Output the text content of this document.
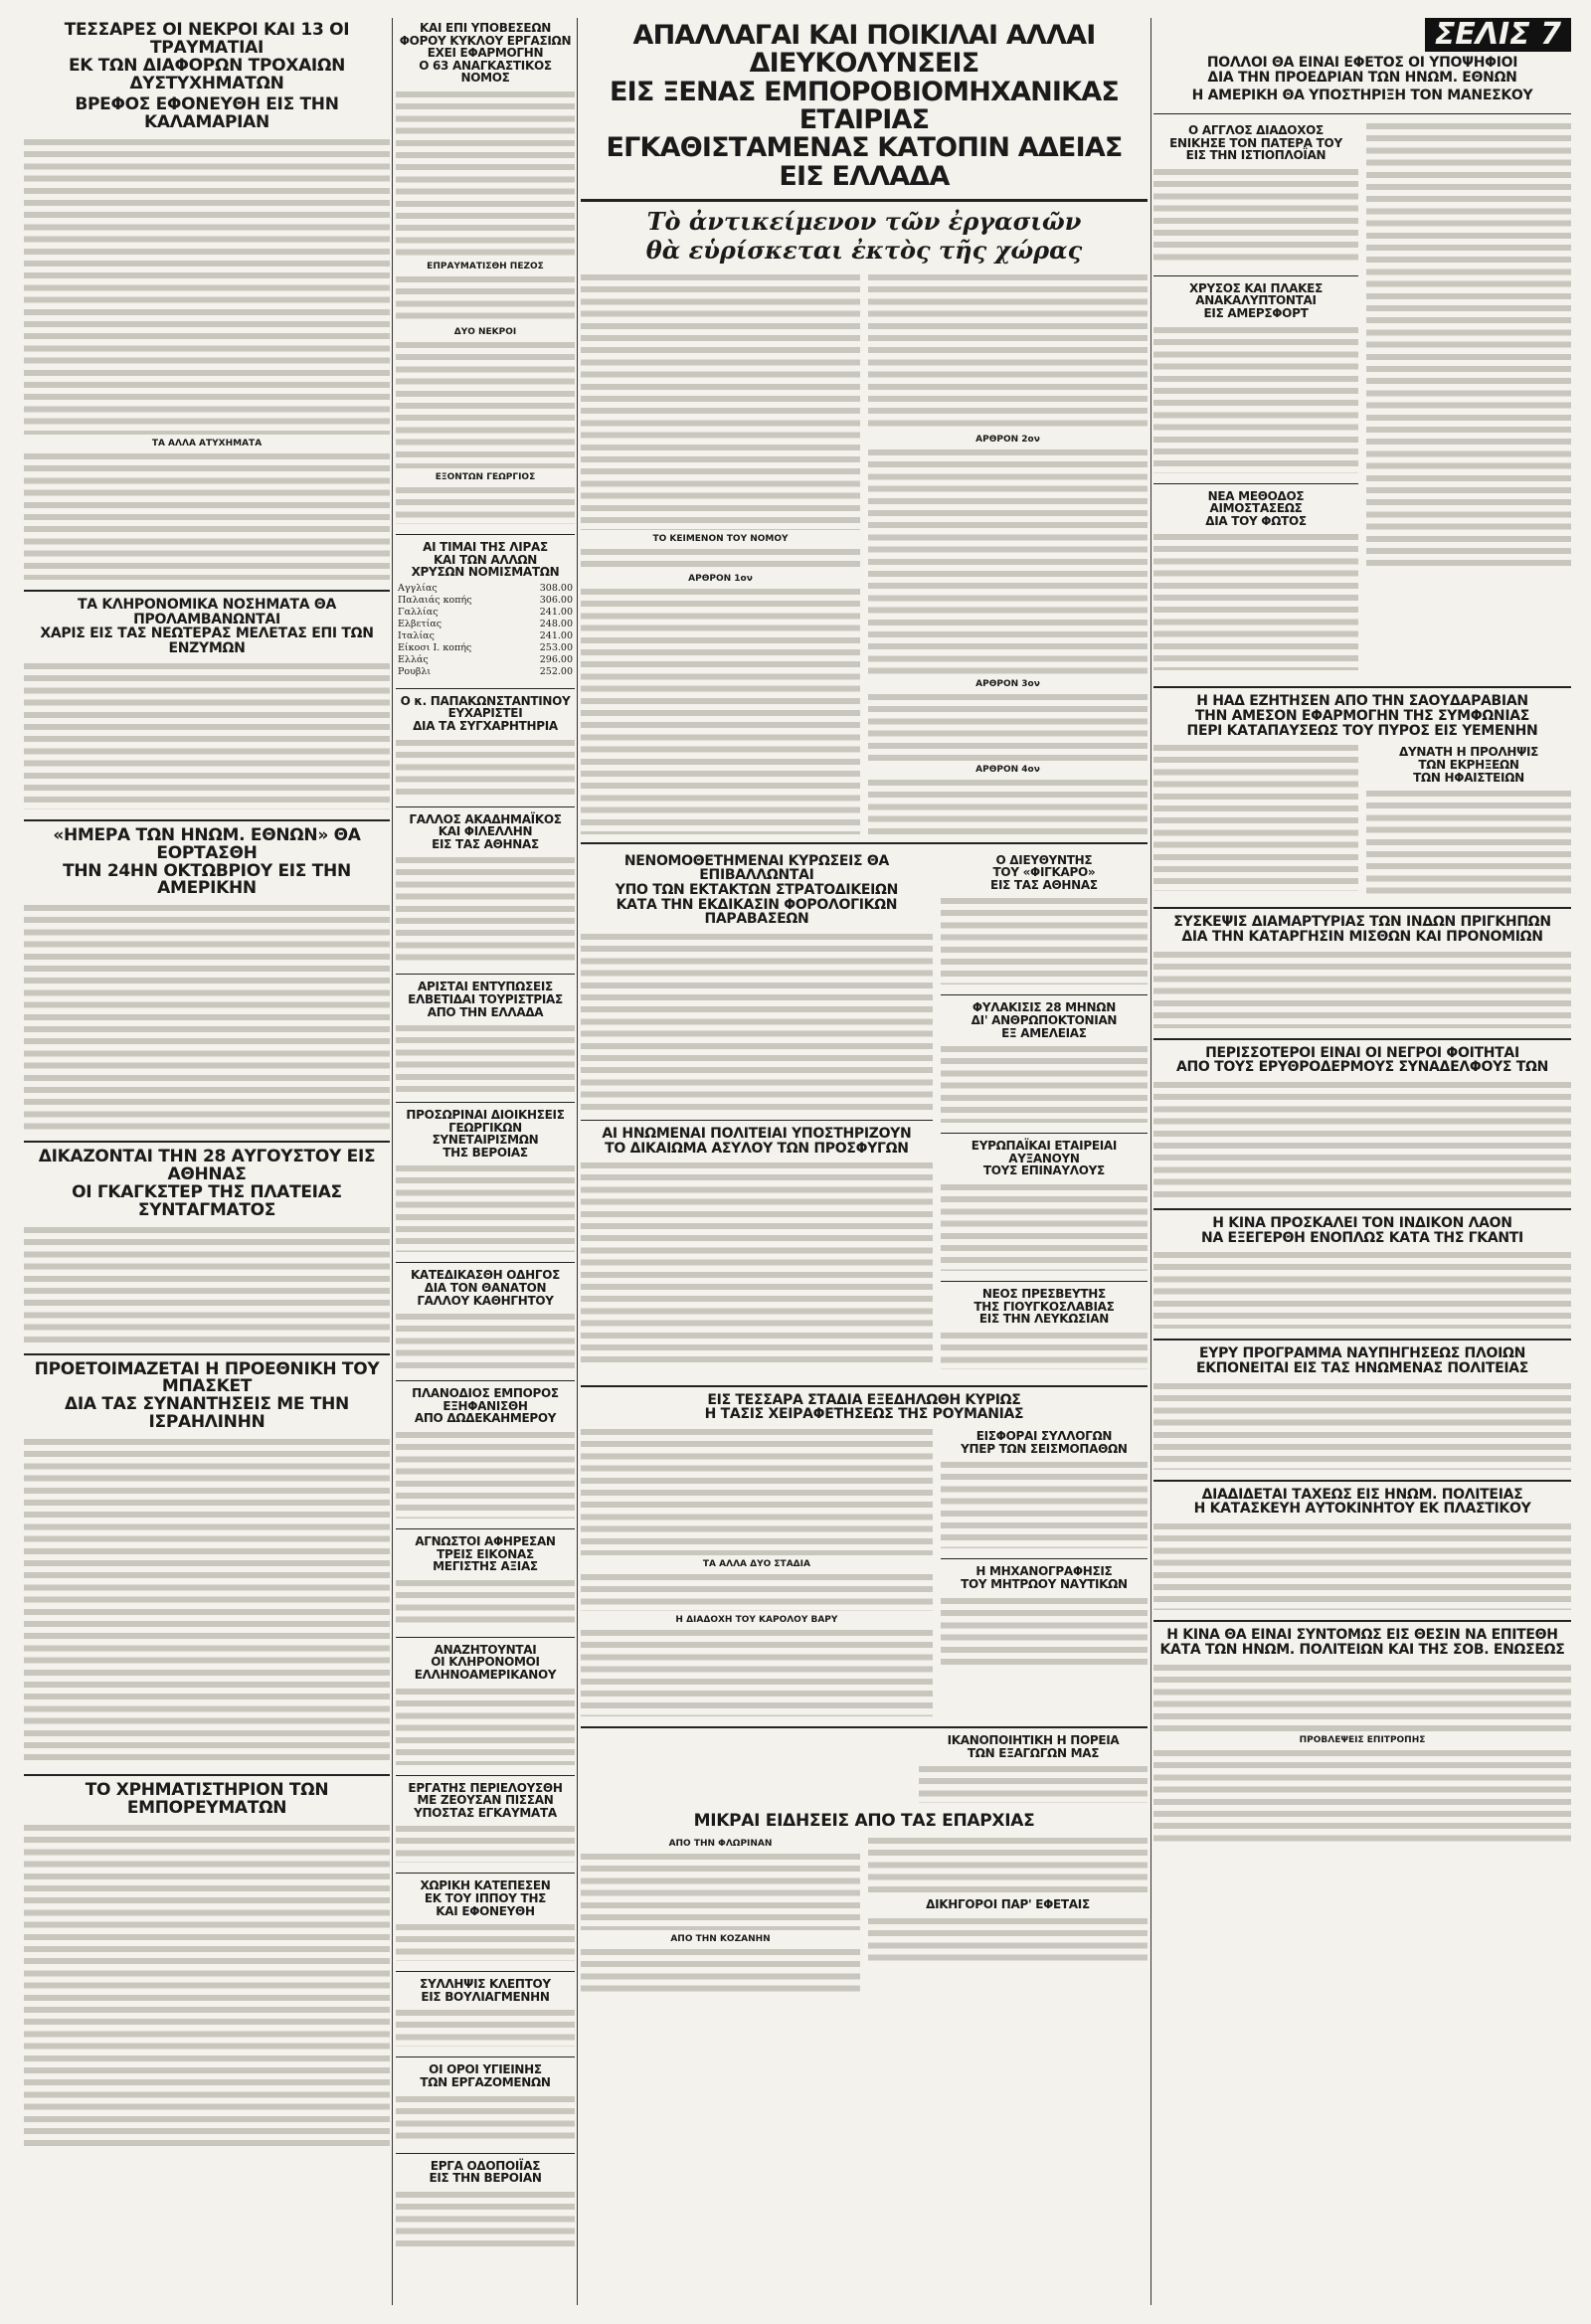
ΤΕΣΣΑΡΕΣ ΟΙ ΝΕΚΡΟΙ ΚΑΙ 13 ΟΙ ΤΡΑΥΜΑΤΙΑΙ
ΕΚ ΤΩΝ ΔΙΑΦΟΡΩΝ ΤΡΟΧΑΙΩΝ ΔΥΣΤΥΧΗΜΑΤΩΝ
ΒΡΕΦΟΣ ΕΦΟΝΕΥΘΗ ΕΙΣ ΤΗΝ ΚΑΛΑΜΑΡΙΑΝ
ΤΑ ΑΛΛΑ ΑΤΥΧΗΜΑΤΑ
ΤΑ ΚΛΗΡΟΝΟΜΙΚΑ ΝΟΣΗΜΑΤΑ ΘΑ ΠΡΟΛΑΜΒΑΝΩΝΤΑΙ
ΧΑΡΙΣ ΕΙΣ ΤΑΣ ΝΕΩΤΕΡΑΣ ΜΕΛΕΤΑΣ ΕΠΙ ΤΩΝ ΕΝΖΥΜΩΝ
«ΗΜΕΡΑ ΤΩΝ ΗΝΩΜ. ΕΘΝΩΝ» ΘΑ ΕΟΡΤΑΣΘΗ
ΤΗΝ 24ΗΝ ΟΚΤΩΒΡΙΟΥ ΕΙΣ ΤΗΝ ΑΜΕΡΙΚΗΝ
ΔΙΚΑΖΟΝΤΑΙ ΤΗΝ 28 ΑΥΓΟΥΣΤΟΥ ΕΙΣ ΑΘΗΝΑΣ
ΟΙ ΓΚΑΓΚΣΤΕΡ ΤΗΣ ΠΛΑΤΕΙΑΣ ΣΥΝΤΑΓΜΑΤΟΣ
ΠΡΟΕΤΟΙΜΑΖΕΤΑΙ Η ΠΡΟΕΘΝΙΚΗ ΤΟΥ ΜΠΑΣΚΕΤ
ΔΙΑ ΤΑΣ ΣΥΝΑΝΤΗΣΕΙΣ ΜΕ ΤΗΝ ΙΣΡΑΗΛΙΝΗΝ
ΤΟ ΧΡΗΜΑΤΙΣΤΗΡΙΟΝ ΤΩΝ ΕΜΠΟΡΕΥΜΑΤΩΝ
ΚΑΙ ΕΠΙ ΥΠΟΒΕΣΕΩΝ
ΦΟΡΟΥ ΚΥΚΛΟΥ ΕΡΓΑΣΙΩΝ
ΕΧΕΙ ΕΦΑΡΜΟΓΗΝ
Ο 63 ΑΝΑΓΚΑΣΤΙΚΟΣ ΝΟΜΟΣ
ΕΠΡΑΥΜΑΤΙΣΘΗ ΠΕΖΟΣ
ΔΥΟ ΝΕΚΡΟΙ
ΕΞΟΝΤΩΝ ΓΕΩΡΓΙΟΣ
ΑΙ ΤΙΜΑΙ ΤΗΣ ΛΙΡΑΣ
ΚΑΙ ΤΩΝ ΑΛΛΩΝ
ΧΡΥΣΩΝ ΝΟΜΙΣΜΑΤΩΝ
Αγγλίας	308.00
Παλαιάς κοπής	306.00
Γαλλίας	241.00
Ελβετίας	248.00
Ιταλίας	241.00
Είκοσι Ι. κοπής	253.00
Ελλάς	296.00
Ρουβλι	252.00
Ο κ. ΠΑΠΑΚΩΝΣΤΑΝΤΙΝΟΥ
ΕΥΧΑΡΙΣΤΕΙ
ΔΙΑ ΤΑ ΣΥΓΧΑΡΗΤΗΡΙΑ
ΓΑΛΛΟΣ ΑΚΑΔΗΜΑΪΚΟΣ
ΚΑΙ ΦΙΛΕΛΛΗΝ
ΕΙΣ ΤΑΣ ΑΘΗΝΑΣ
ΑΡΙΣΤΑΙ ΕΝΤΥΠΩΣΕΙΣ
ΕΛΒΕΤΙΔΑΙ ΤΟΥΡΙΣΤΡΙΑΣ
ΑΠΟ ΤΗΝ ΕΛΛΑΔΑ
ΠΡΟΣΩΡΙΝΑΙ ΔΙΟΙΚΗΣΕΙΣ
ΓΕΩΡΓΙΚΩΝ ΣΥΝΕΤΑΙΡΙΣΜΩΝ
ΤΗΣ ΒΕΡΟΙΑΣ
ΚΑΤΕΔΙΚΑΣΘΗ ΟΔΗΓΟΣ
ΔΙΑ ΤΟΝ ΘΑΝΑΤΟΝ
ΓΑΛΛΟΥ ΚΑΘΗΓΗΤΟΥ
ΠΛΑΝΟΔΙΟΣ ΕΜΠΟΡΟΣ
ΕΞΗΦΑΝΙΣΘΗ
ΑΠΟ ΔΩΔΕΚΑΗΜΕΡΟΥ
ΑΓΝΩΣΤΟΙ ΑΦΗΡΕΣΑΝ
ΤΡΕΙΣ ΕΙΚΟΝΑΣ
ΜΕΓΙΣΤΗΣ ΑΞΙΑΣ
ΑΝΑΖΗΤΟΥΝΤΑΙ
ΟΙ ΚΛΗΡΟΝΟΜΟΙ
ΕΛΛΗΝΟΑΜΕΡΙΚΑΝΟΥ
ΕΡΓΑΤΗΣ ΠΕΡΙΕΛΟΥΣΘΗ
ΜΕ ΖΕΟΥΣΑΝ ΠΙΣΣΑΝ
ΥΠΟΣΤΑΣ ΕΓΚΑΥΜΑΤΑ
ΧΩΡΙΚΗ ΚΑΤΕΠΕΣΕΝ
ΕΚ ΤΟΥ ΙΠΠΟΥ ΤΗΣ
ΚΑΙ ΕΦΟΝΕΥΘΗ
ΣΥΛΛΗΨΙΣ ΚΛΕΠΤΟΥ
ΕΙΣ ΒΟΥΛΙΑΓΜΕΝΗΝ
ΟΙ ΟΡΟΙ ΥΓΙΕΙΝΗΣ
ΤΩΝ ΕΡΓΑΖΟΜΕΝΩΝ
ΕΡΓΑ ΟΔΟΠΟΙΪΑΣ
ΕΙΣ ΤΗΝ ΒΕΡΟΙΑΝ
ΑΠΑΛΛΑΓΑΙ ΚΑΙ ΠΟΙΚΙΛΑΙ ΑΛΛΑΙ ΔΙΕΥΚΟΛΥΝΣΕΙΣ
ΕΙΣ ΞΕΝΑΣ ΕΜΠΟΡΟΒΙΟΜΗΧΑΝΙΚΑΣ ΕΤΑΙΡΙΑΣ
ΕΓΚΑΘΙΣΤΑΜΕΝΑΣ ΚΑΤΟΠΙΝ ΑΔΕΙΑΣ ΕΙΣ ΕΛΛΑΔΑ
Τὸ ἀντικείμενον τῶν ἐργασιῶν
θὰ εὑρίσκεται ἐκτὸς τῆς χώρας
ΤΟ ΚΕΙΜΕΝΟΝ ΤΟΥ ΝΟΜΟΥ
ΑΡΘΡΟΝ 1ον
ΑΡΘΡΟΝ 2ον
ΑΡΘΡΟΝ 3ον
ΑΡΘΡΟΝ 4ον
ΝΕΝΟΜΟΘΕΤΗΜΕΝΑΙ ΚΥΡΩΣΕΙΣ ΘΑ ΕΠΙΒΑΛΛΩΝΤΑΙ
ΥΠΟ ΤΩΝ ΕΚΤΑΚΤΩΝ ΣΤΡΑΤΟΔΙΚΕΙΩΝ
ΚΑΤΑ ΤΗΝ ΕΚΔΙΚΑΣΙΝ ΦΟΡΟΛΟΓΙΚΩΝ ΠΑΡΑΒΑΣΕΩΝ
ΑΙ ΗΝΩΜΕΝΑΙ ΠΟΛΙΤΕΙΑΙ ΥΠΟΣΤΗΡΙΖΟΥΝ
ΤΟ ΔΙΚΑΙΩΜΑ ΑΣΥΛΟΥ ΤΩΝ ΠΡΟΣΦΥΓΩΝ
Ο ΔΙΕΥΘΥΝΤΗΣ
ΤΟΥ «ΦΙΓΚΑΡΟ»
ΕΙΣ ΤΑΣ ΑΘΗΝΑΣ
ΦΥΛΑΚΙΣΙΣ 28 ΜΗΝΩΝ
ΔΙ' ΑΝΘΡΩΠΟΚΤΟΝΙΑΝ
ΕΞ ΑΜΕΛΕΙΑΣ
ΕΥΡΩΠΑΪΚΑΙ ΕΤΑΙΡΕΙΑΙ
ΑΥΞΑΝΟΥΝ
ΤΟΥΣ ΕΠΙΝΑΥΛΟΥΣ
ΝΕΟΣ ΠΡΕΣΒΕΥΤΗΣ
ΤΗΣ ΓΙΟΥΓΚΟΣΛΑΒΙΑΣ
ΕΙΣ ΤΗΝ ΛΕΥΚΩΣΙΑΝ
ΕΙΣ ΤΕΣΣΑΡΑ ΣΤΑΔΙΑ ΕΞΕΔΗΛΩΘΗ ΚΥΡΙΩΣ
Η ΤΑΣΙΣ ΧΕΙΡΑΦΕΤΗΣΕΩΣ ΤΗΣ ΡΟΥΜΑΝΙΑΣ
ΤΑ ΑΛΛΑ ΔΥΟ ΣΤΑΔΙΑ
Η ΔΙΑΔΟΧΗ ΤΟΥ ΚΑΡΟΛΟΥ ΒΑΡΥ
ΕΙΣΦΟΡΑΙ ΣΥΛΛΟΓΩΝ
ΥΠΕΡ ΤΩΝ ΣΕΙΣΜΟΠΑΘΩΝ
Η ΜΗΧΑΝΟΓΡΑΦΗΣΙΣ
ΤΟΥ ΜΗΤΡΩΟΥ ΝΑΥΤΙΚΩΝ
ΙΚΑΝΟΠΟΙΗΤΙΚΗ Η ΠΟΡΕΙΑ
ΤΩΝ ΕΞΑΓΩΓΩΝ ΜΑΣ
ΜΙΚΡΑΙ ΕΙΔΗΣΕΙΣ ΑΠΟ ΤΑΣ ΕΠΑΡΧΙΑΣ
ΑΠΟ ΤΗΝ ΦΛΩΡΙΝΑΝ
ΑΠΟ ΤΗΝ ΚΟΖΑΝΗΝ
ΔΙΚΗΓΟΡΟΙ ΠΑΡ' ΕΦΕΤΑΙΣ
ΣΕΛΙΣ 7
ΠΟΛΛΟΙ ΘΑ ΕΙΝΑΙ ΕΦΕΤΟΣ ΟΙ ΥΠΟΨΗΦΙΟΙ
ΔΙΑ ΤΗΝ ΠΡΟΕΔΡΙΑΝ ΤΩΝ ΗΝΩΜ. ΕΘΝΩΝ
Η ΑΜΕΡΙΚΗ ΘΑ ΥΠΟΣΤΗΡΙΞΗ ΤΟΝ ΜΑΝΕΣΚΟΥ
Ο ΑΓΓΛΟΣ ΔΙΑΔΟΧΟΣ
ΕΝΙΚΗΣΕ ΤΟΝ ΠΑΤΕΡΑ ΤΟΥ
ΕΙΣ ΤΗΝ ΙΣΤΙΟΠΛΟΪΑΝ
ΧΡΥΣΟΣ ΚΑΙ ΠΛΑΚΕΣ
ΑΝΑΚΑΛΥΠΤΟΝΤΑΙ
ΕΙΣ ΑΜΕΡΣΦΟΡΤ
ΝΕΑ ΜΕΘΟΔΟΣ
ΑΙΜΟΣΤΑΣΕΩΣ
ΔΙΑ ΤΟΥ ΦΩΤΟΣ
Η ΗΑΔ ΕΖΗΤΗΣΕΝ ΑΠΟ ΤΗΝ ΣΑΟΥΔΑΡΑΒΙΑΝ
ΤΗΝ ΑΜΕΣΟΝ ΕΦΑΡΜΟΓΗΝ ΤΗΣ ΣΥΜΦΩΝΙΑΣ
ΠΕΡΙ ΚΑΤΑΠΑΥΣΕΩΣ ΤΟΥ ΠΥΡΟΣ ΕΙΣ ΥΕΜΕΝΗΝ
ΔΥΝΑΤΗ Η ΠΡΟΛΗΨΙΣ
ΤΩΝ ΕΚΡΗΞΕΩΝ
ΤΩΝ ΗΦΑΙΣΤΕΙΩΝ
ΣΥΣΚΕΨΙΣ ΔΙΑΜΑΡΤΥΡΙΑΣ ΤΩΝ ΙΝΔΩΝ ΠΡΙΓΚΗΠΩΝ
ΔΙΑ ΤΗΝ ΚΑΤΑΡΓΗΣΙΝ ΜΙΣΘΩΝ ΚΑΙ ΠΡΟΝΟΜΙΩΝ
ΠΕΡΙΣΣΟΤΕΡΟΙ ΕΙΝΑΙ ΟΙ ΝΕΓΡΟΙ ΦΟΙΤΗΤΑΙ
ΑΠΟ ΤΟΥΣ ΕΡΥΘΡΟΔΕΡΜΟΥΣ ΣΥΝΑΔΕΛΦΟΥΣ ΤΩΝ
Η ΚΙΝΑ ΠΡΟΣΚΑΛΕΙ ΤΟΝ ΙΝΔΙΚΟΝ ΛΑΟΝ
ΝΑ ΕΞΕΓΕΡΘΗ ΕΝΟΠΛΩΣ ΚΑΤΑ ΤΗΣ ΓΚΑΝΤΙ
ΕΥΡΥ ΠΡΟΓΡΑΜΜΑ ΝΑΥΠΗΓΗΣΕΩΣ ΠΛΟΙΩΝ
ΕΚΠΟΝΕΙΤΑΙ ΕΙΣ ΤΑΣ ΗΝΩΜΕΝΑΣ ΠΟΛΙΤΕΙΑΣ
ΔΙΑΔΙΔΕΤΑΙ ΤΑΧΕΩΣ ΕΙΣ ΗΝΩΜ. ΠΟΛΙΤΕΙΑΣ
Η ΚΑΤΑΣΚΕΥΗ ΑΥΤΟΚΙΝΗΤΟΥ ΕΚ ΠΛΑΣΤΙΚΟΥ
Η ΚΙΝΑ ΘΑ ΕΙΝΑΙ ΣΥΝΤΟΜΩΣ ΕΙΣ ΘΕΣΙΝ ΝΑ ΕΠΙΤΕΘΗ
ΚΑΤΑ ΤΩΝ ΗΝΩΜ. ΠΟΛΙΤΕΙΩΝ ΚΑΙ ΤΗΣ ΣΟΒ. ΕΝΩΣΕΩΣ
ΠΡΟΒΛΕΨΕΙΣ ΕΠΙΤΡΟΠΗΣ
